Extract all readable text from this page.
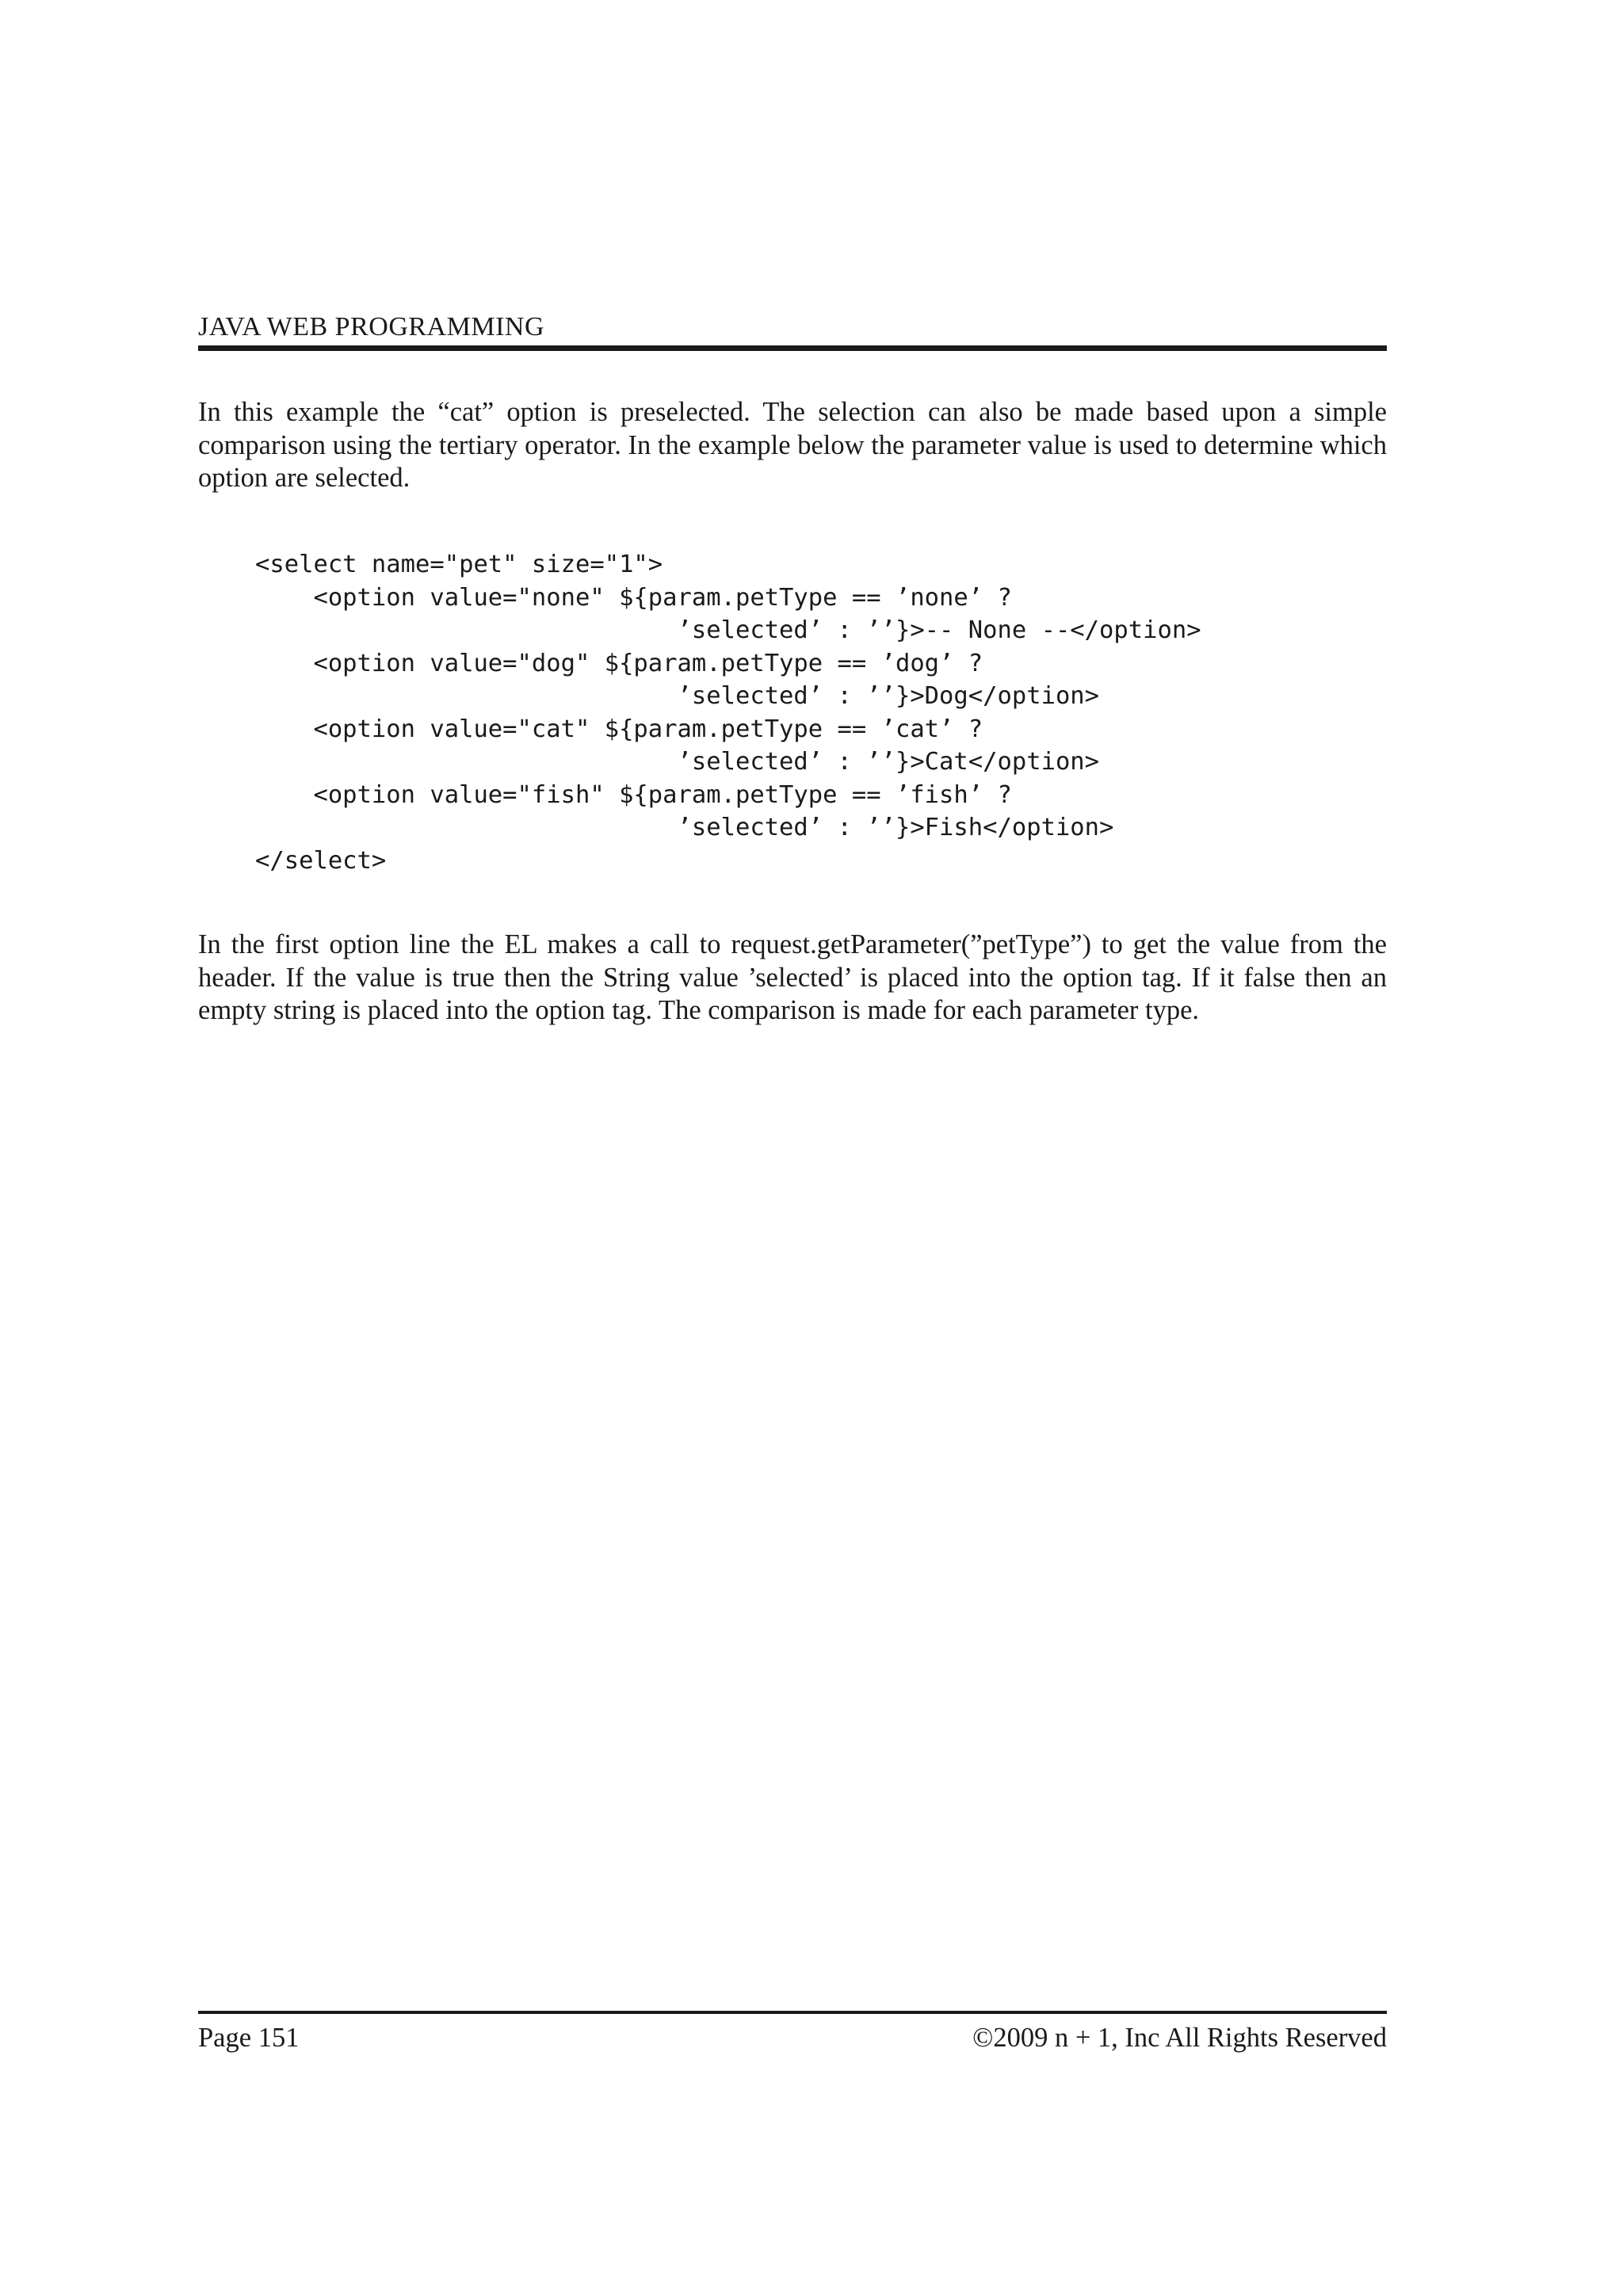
JAVA WEB PROGRAMMING

In this example the “cat” option is preselected. The selection can also be made based upon a simple comparison using the tertiary operator. In the example below the parameter value is used to determine which option are selected.

<select name="pet" size="1">
<option value="none" ${param.petType == ’none’ ?
’selected’ : ’’}>-- None --</option>
<option value="dog" ${param.petType == ’dog’ ?
’selected’ : ’’}>Dog</option>
<option value="cat" ${param.petType == ’cat’ ?
’selected’ : ’’}>Cat</option>
<option value="fish" ${param.petType == ’fish’ ?
’selected’ : ’’}>Fish</option>
</select>

In the first option line the EL makes a call to request.getParameter(”petType”) to get the value from the header. If the value is true then the String value ’selected’ is placed into the option tag. If it false then an empty string is placed into the option tag. The comparison is made for each parameter type.

Page 151	©2009 n + 1, Inc All Rights Reserved
